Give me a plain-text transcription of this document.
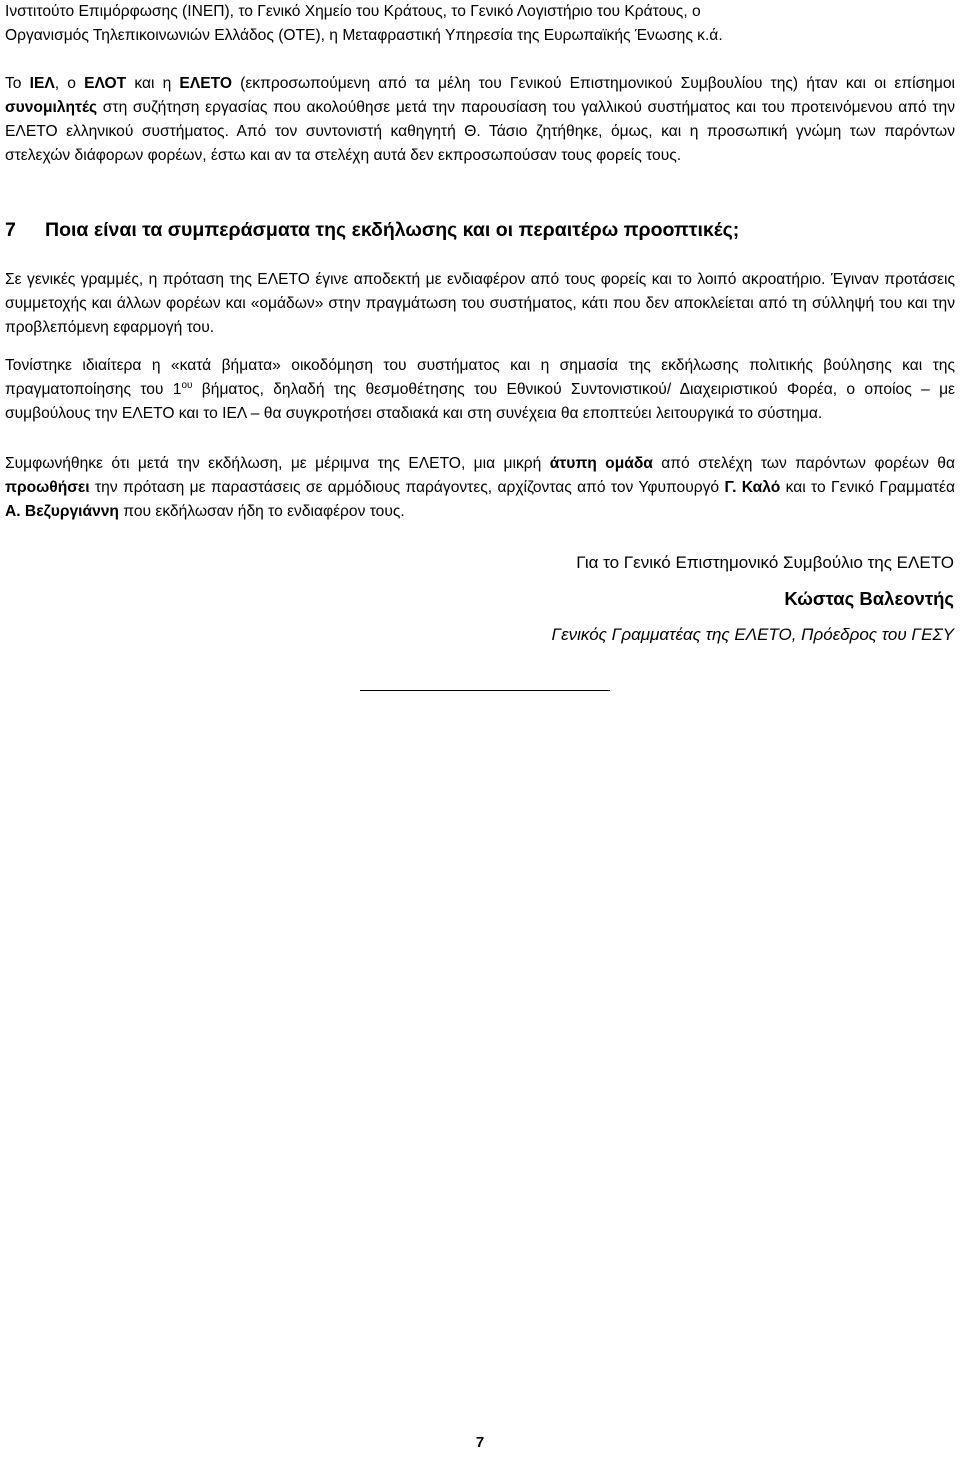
Ινστιτούτο Επιμόρφωσης (ΙΝΕΠ), το Γενικό Χημείο του Κράτους, το Γενικό Λογιστήριο του Κράτους, ο

Οργανισμός Τηλεπικοινωνιών Ελλάδος (ΟΤΕ), η Μεταφραστική Υπηρεσία της Ευρωπαϊκής Ένωσης κ.ά.

Το ΙΕΛ, ο ΕΛΟΤ και η ΕΛΕΤΟ (εκπροσωπούμενη από τα μέλη του Γενικού Επιστημονικού Συμβουλίου της) ήταν και οι επίσημοι συνομιλητές στη συζήτηση εργασίας που ακολούθησε μετά την παρουσίαση του γαλλικού συστήματος και του προτεινόμενου από την ΕΛΕΤΟ ελληνικού συστήματος. Από τον συντονιστή καθηγητή Θ. Τάσιο ζητήθηκε, όμως, και η προσωπική γνώμη των παρόντων στελεχών διάφορων φορέων, έστω και αν τα στελέχη αυτά δεν εκπροσωπούσαν τους φορείς τους.

7 Ποια είναι τα συμπεράσματα της εκδήλωσης και οι περαιτέρω προοπτικές;

Σε γενικές γραμμές, η πρόταση της ΕΛΕΤΟ έγινε αποδεκτή με ενδιαφέρον από τους φορείς και το λοιπό ακροατήριο. Έγιναν προτάσεις συμμετοχής και άλλων φορέων και «ομάδων» στην πραγμάτωση του συστήματος, κάτι που δεν αποκλείεται από τη σύλληψή του και την προβλεπόμενη εφαρμογή του.

Τονίστηκε ιδιαίτερα η «κατά βήματα» οικοδόμηση του συστήματος και η σημασία της εκδήλωσης πολιτικής βούλησης και της πραγματοποίησης του $1^{o\upsilon}$ βήματος, δηλαδή της θεσμοθέτησης του Εθνικού Συντονιστικού/ Διαχειριστικού Φορέα, ο οποίος – με συμβούλους την ΕΛΕΤΟ και το ΙΕΛ – θα συγκροτήσει σταδιακά και στη συνέχεια θα εποπτεύει λειτουργικά το σύστημα.

Συμφωνήθηκε ότι μετά την εκδήλωση, με μέριμνα της ΕΛΕΤΟ, μια μικρή άτυπη ομάδα από στελέχη των παρόντων φορέων θα προωθήσει την πρόταση με παραστάσεις σε αρμόδιους παράγοντες, αρχίζοντας από τον Υφυπουργό Γ. Καλό και το Γενικό Γραμματέα Α. Βεζυργιάννη που εκδήλωσαν ήδη το ενδιαφέρον τους.

Για το Γενικό Επιστημονικό Συμβούλιο της ΕΛΕΤΟ
Κώστας Βαλεοντής
Γενικός Γραμματέας της ΕΛΕΤΟ, Πρόεδρος του ΓΕΣΥ
7
